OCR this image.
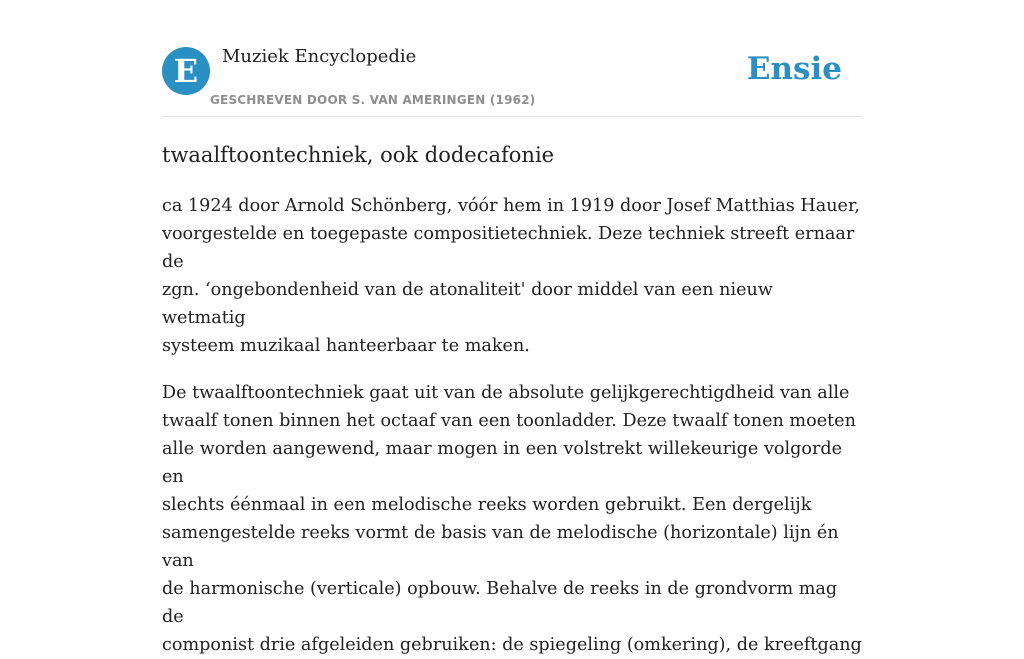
E	Muziek Encyclopedie
GESCHREVEN DOOR S. VAN AMERINGEN (1962)
Ensie
twaalftoontechniek, ook dodecafonie

ca 1924 door Arnold Schönberg, vóór hem in 1919 door Josef Matthias Hauer,
voorgestelde en toegepaste compositietechniek. Deze techniek streeft ernaar de
zgn. ‘ongebondenheid van de atonaliteit' door middel van een nieuw wetmatig
systeem muzikaal hanteerbaar te maken.

De twaalftoontechniek gaat uit van de absolute gelijkgerechtigdheid van alle
twaalf tonen binnen het octaaf van een toonladder. Deze twaalf tonen moeten
alle worden aangewend, maar mogen in een volstrekt willekeurige volgorde en
slechts éénmaal in een melodische reeks worden gebruikt. Een dergelijk
samengestelde reeks vormt de basis van de melodische (horizontale) lijn én van
de harmonische (verticale) opbouw. Behalve de reeks in de grondvorm mag de
componist drie afgeleiden gebruiken: de spiegeling (omkering), de kreeftgang
